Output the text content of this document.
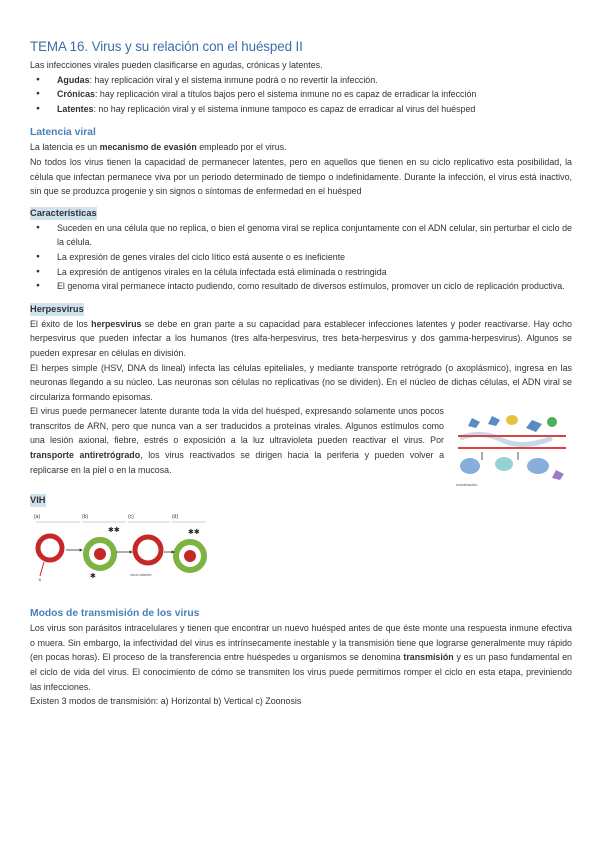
TEMA 16. Virus y su relación con el huésped II

Las infecciones virales pueden clasificarse en agudas, crónicas y latentes.

● Agudas: hay replicación viral y el sistema inmune podrá o no revertir la infección.
● Crónicas: hay replicación viral a títulos bajos pero el sistema inmune no es capaz de erradicar la infección
● Latentes: no hay replicación viral y el sistema inmune tampoco es capaz de erradicar al virus del huésped
Latencia viral

La latencia es un mecanismo de evasión empleado por el virus.

No todos los virus tienen la capacidad de permanecer latentes, pero en aquellos que tienen en su ciclo replicativo esta posibilidad, la célula que infectan permanece viva por un periodo determinado de tiempo o indefinidamente. Durante la infección, el virus está inactivo, sin que se produzca progenie y sin signos o síntomas de enfermedad en el huésped

Características
● Suceden en una célula que no replica, o bien el genoma viral se replica conjuntamente con el ADN celular, sin perturbar el ciclo de la célula.
● La expresión de genes virales del ciclo lítico está ausente o es ineficiente
● La expresión de antígenos virales en la célula infectada está eliminada o restringida
● El genoma viral permanece intacto pudiendo, como resultado de diversos estímulos, promover un ciclo de replicación productiva.
Herpesvirus

El éxito de los herpesvirus se debe en gran parte a su capacidad para establecer infecciones latentes y poder reactivarse. Hay ocho herpesvirus que pueden infectar a los humanos (tres alfa-herpesvirus, tres beta-herpesvirus y dos gamma-herpesvirus). Algunos se pueden expresar en células en división.

El herpes simple (HSV, DNA ds lineal) infecta las células epiteliales, y mediante transporte retrógrado (o axoplásmico), ingresa en las neuronas llegando a su núcleo. Las neuronas son células no replicativas (no se dividen). En el núcleo de dichas células, el ADN viral se circulariza formando episomas.

reactivación

El virus puede permanecer latente durante toda la vida del huésped, expresando solamente unos pocos transcritos de ARN, pero que nunca van a ser traducidos a proteínas virales. Algunos estímulos como una lesión axional, fiebre, estrés o exposición a la luz ultravioleta pueden reactivar el virus. Por transporte antiretrógrado, los virus reactivados se dirigen hacia la periferia y pueden volver a replicarse en la piel o en la mucosa.

VIH
(a)	(b)	(c)	(d)
×
✱✱
✱	virus latente
✱✱
Modos de transmisión de los virus

Los virus son parásitos intracelulares y tienen que encontrar un nuevo huésped antes de que éste monte una respuesta inmune efectiva o muera. Sin embargo, la infectividad del virus es intrínsecamente inestable y la transmisión tiene que lograrse generalmente muy rápido (en pocas horas). El proceso de la transferencia entre huéspedes u organismos se denomina transmisión y es un paso fundamental en el ciclo de vida del virus. El conocimiento de cómo se transmiten los virus puede permitirnos romper el ciclo en esta etapa, previniendo las infecciones.

Existen 3 modos de transmisión: a) Horizontal b) Vertical c) Zoonosis
